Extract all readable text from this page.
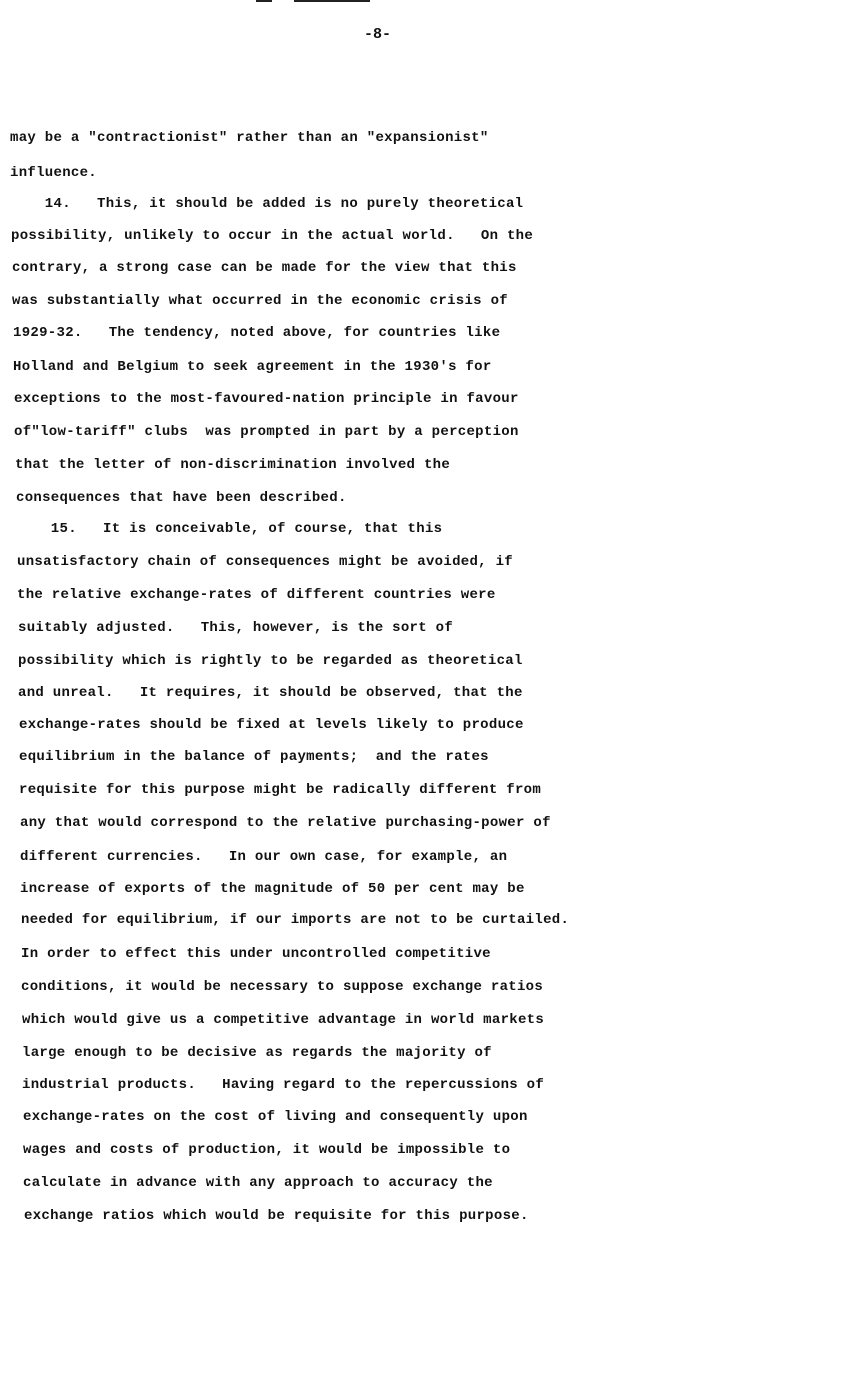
-8-
may be a "contractionist" rather than an "expansionist"
influence.
14.   This, it should be added is no purely theoretical
possibility, unlikely to occur in the actual world.   On the
contrary, a strong case can be made for the view that this
was substantially what occurred in the economic crisis of
1929-32.   The tendency, noted above, for countries like
Holland and Belgium to seek agreement in the 1930's for
exceptions to the most-favoured-nation principle in favour
of"low-tariff" clubs  was prompted in part by a perception
that the letter of non-discrimination involved the
consequences that have been described.
15.   It is conceivable, of course, that this
unsatisfactory chain of consequences might be avoided, if
the relative exchange-rates of different countries were
suitably adjusted.   This, however, is the sort of
possibility which is rightly to be regarded as theoretical
and unreal.   It requires, it should be observed, that the
exchange-rates should be fixed at levels likely to produce
equilibrium in the balance of payments;  and the rates
requisite for this purpose might be radically different from
any that would correspond to the relative purchasing-power of
different currencies.   In our own case, for example, an
increase of exports of the magnitude of 50 per cent may be
needed for equilibrium, if our imports are not to be curtailed.
In order to effect this under uncontrolled competitive
conditions, it would be necessary to suppose exchange ratios
which would give us a competitive advantage in world markets
large enough to be decisive as regards the majority of
industrial products.   Having regard to the repercussions of
exchange-rates on the cost of living and consequently upon
wages and costs of production, it would be impossible to
calculate in advance with any approach to accuracy the
exchange ratios which would be requisite for this purpose.
